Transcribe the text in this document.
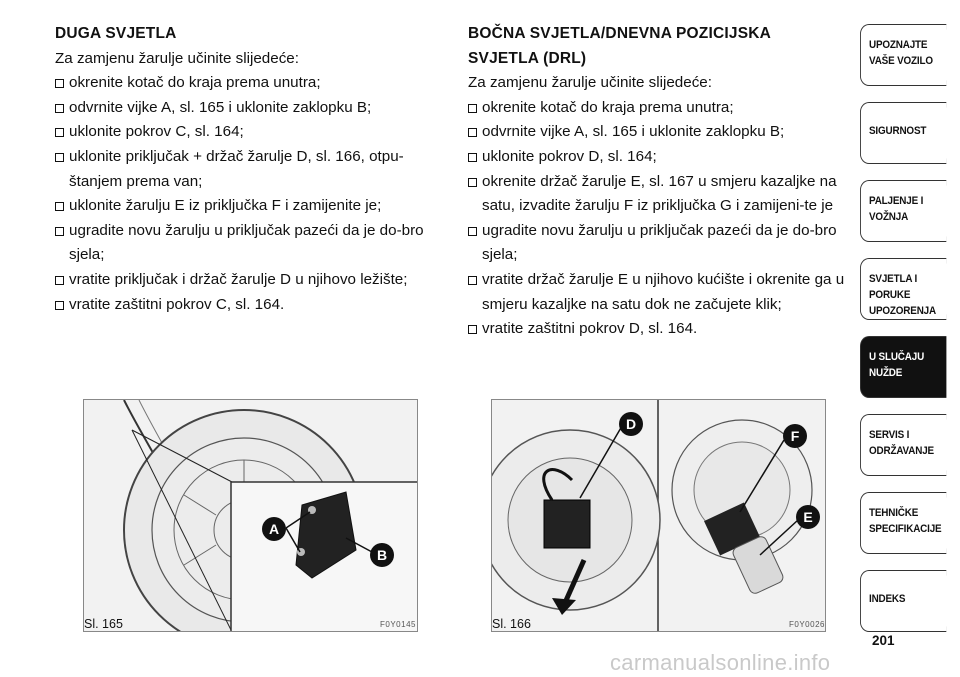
DUGA SVJETLA
Za zamjenu žarulje učinite slijedeće:
okrenite kotač do kraja prema unutra;
odvrnite vijke A, sl. 165 i uklonite zaklopku B;
uklonite pokrov C, sl. 164;
uklonite priključak + držač žarulje D, sl. 166, otpu-štanjem prema van;
uklonite žarulju E iz priključka F i zamijenite je;
ugradite novu žarulju u priključak pazeći da je do-bro sjela;
vratite priključak i držač žarulje D u njihovo ležište;
vratite zaštitni pokrov C, sl. 164.
BOČNA SVJETLA/DNEVNA POZICIJSKA
SVJETLA (DRL)
Za zamjenu žarulje učinite slijedeće:
okrenite kotač do kraja prema unutra;
odvrnite vijke A, sl. 165 i uklonite zaklopku B;
uklonite pokrov D, sl. 164;
okrenite držač žarulje E, sl. 167 u smjeru kazaljke na satu, izvadite žarulju F iz priključka G i zamijeni-te je
ugradite novu žarulju u priključak pazeći da je do-bro sjela;
vratite držač žarulje E u njihovo kućište i okrenite ga u smjeru kazaljke na satu dok ne začujete klik;
vratite zaštitni pokrov D, sl. 164.
A
B
Sl. 165	F0Y0145
D
F
E
Sl. 166	F0Y0026
UPOZNAJTE
VAŠE VOZILO
SIGURNOST
PALJENJE I
VOŽNJA
SVJETLA I PORUKE
UPOZORENJA
U SLUČAJU
NUŽDE
SERVIS I
ODRŽAVANJE
TEHNIČKE
SPECIFIKACIJE
INDEKS
201
carmanualsonline.info
